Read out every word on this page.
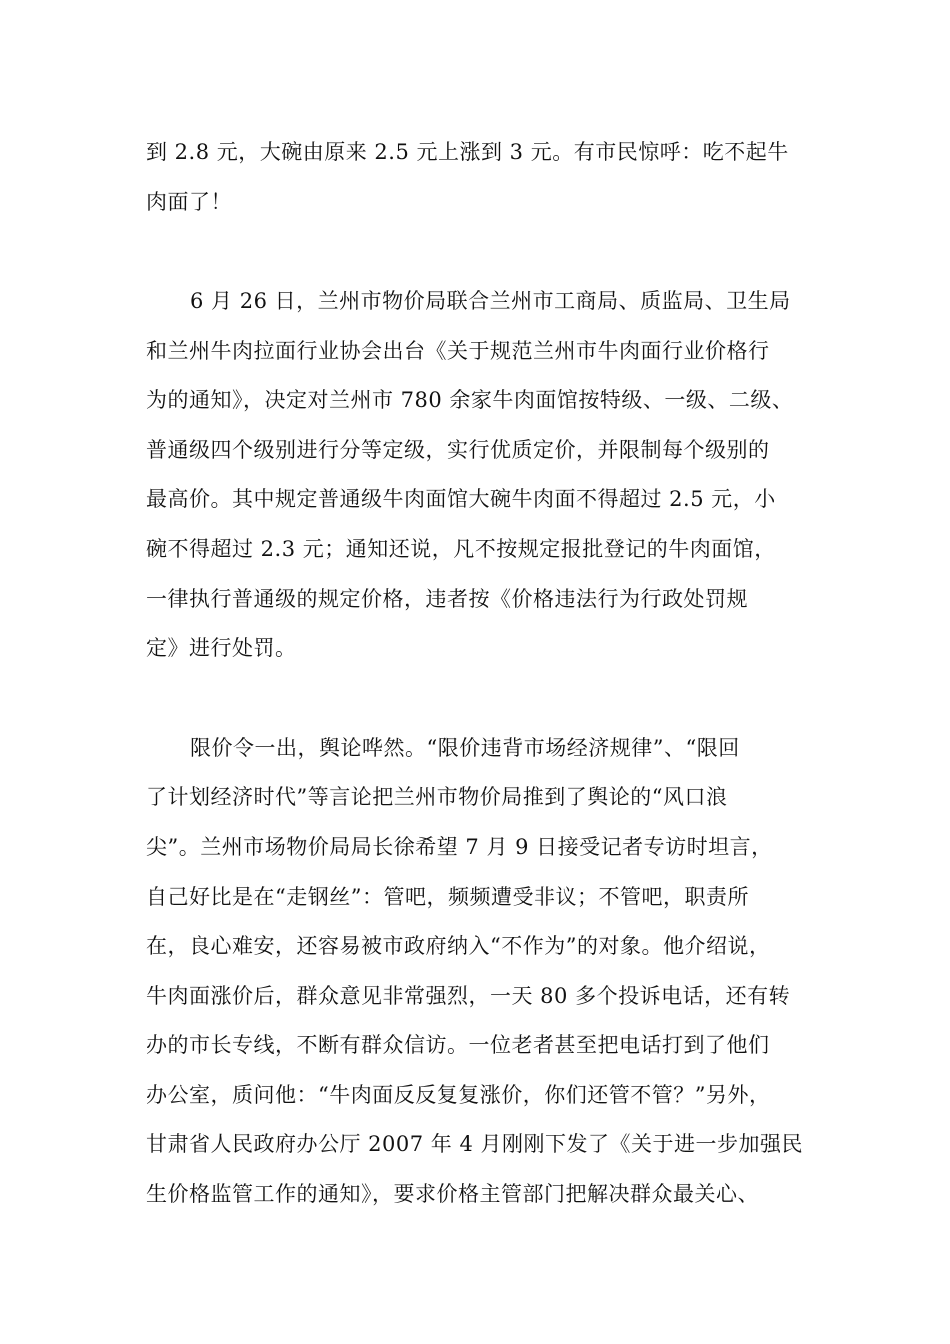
到 2.8 元，大碗由原来 2.5 元上涨到 3 元。有市民惊呼：吃不起牛
肉面了！
6 月 26 日，兰州市物价局联合兰州市工商局、质监局、卫生局
和兰州牛肉拉面行业协会出台《关于规范兰州市牛肉面行业价格行
为的通知》，决定对兰州市 780 余家牛肉面馆按特级、一级、二级、
普通级四个级别进行分等定级，实行优质定价，并限制每个级别的
最高价。其中规定普通级牛肉面馆大碗牛肉面不得超过 2.5 元，小
碗不得超过 2.3 元；通知还说，凡不按规定报批登记的牛肉面馆，
一律执行普通级的规定价格，违者按《价格违法行为行政处罚规
定》进行处罚。
限价令一出，舆论哗然。“限价违背市场经济规律”、“限回
了计划经济时代”等言论把兰州市物价局推到了舆论的“风口浪
尖”。兰州市场物价局局长徐希望 7 月 9 日接受记者专访时坦言，
自己好比是在“走钢丝”：管吧，频频遭受非议；不管吧，职责所
在，良心难安，还容易被市政府纳入“不作为”的对象。他介绍说，
牛肉面涨价后，群众意见非常强烈，一天 80 多个投诉电话，还有转
办的市长专线，不断有群众信访。一位老者甚至把电话打到了他们
办公室，质问他：“牛肉面反反复复涨价，你们还管不管？”另外，
甘肃省人民政府办公厅 2007 年 4 月刚刚下发了《关于进一步加强民
生价格监管工作的通知》，要求价格主管部门把解决群众最关心、
